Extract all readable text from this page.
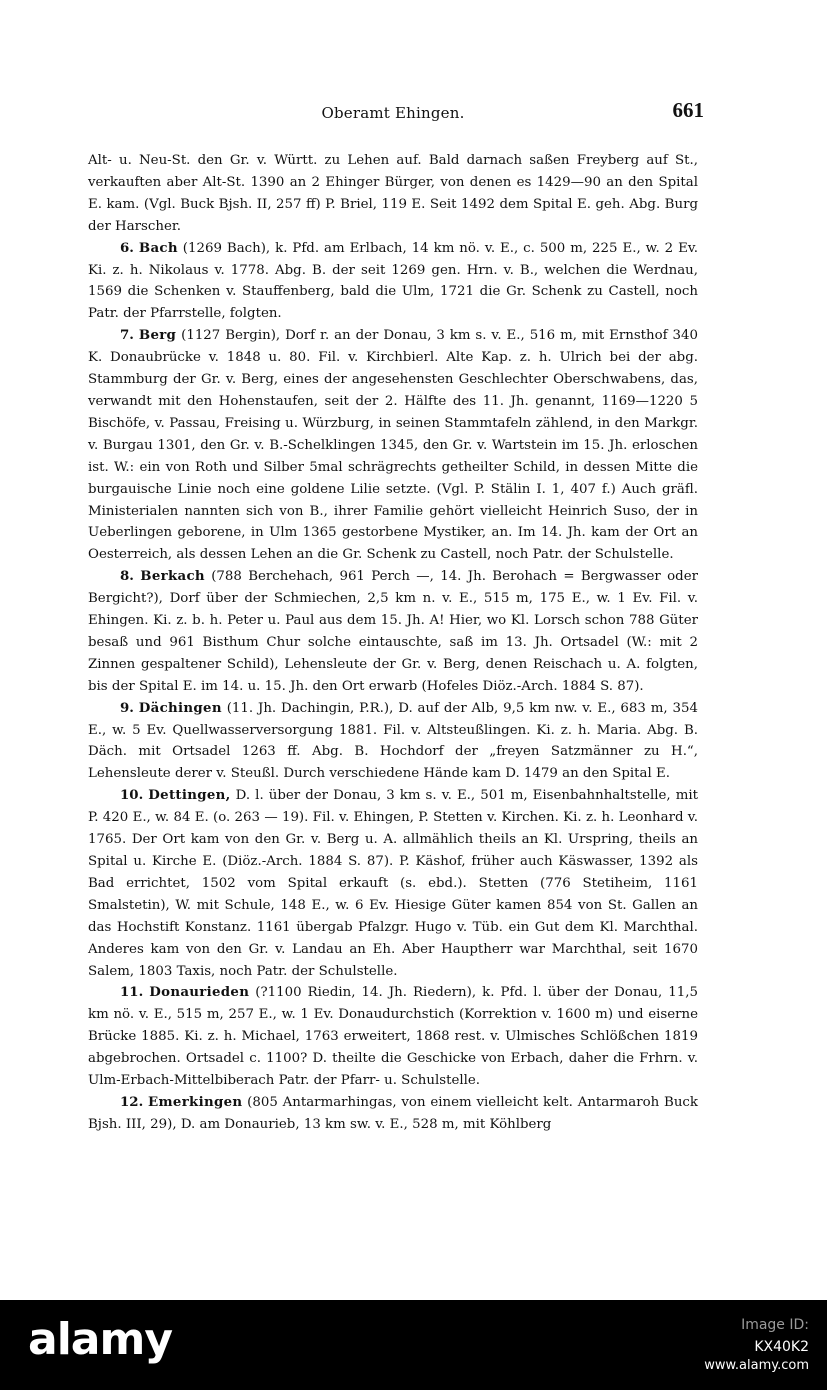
Oberamt Ehingen.	661

Alt- u. Neu-St. den Gr. v. Württ. zu Lehen auf. Bald darnach saßen Freyberg auf St., verkauften aber Alt-St. 1390 an 2 Ehinger Bürger, von denen es 1429—90 an den Spital E. kam. (Vgl. Buck Bjsh. II, 257 ff) P. Briel, 119 E. Seit 1492 dem Spital E. geh. Abg. Burg der Harscher.

6. Bach (1269 Bach), k. Pfd. am Erlbach, 14 km nö. v. E., c. 500 m, 225 E., w. 2 Ev. Ki. z. h. Nikolaus v. 1778. Abg. B. der seit 1269 gen. Hrn. v. B., welchen die Werdnau, 1569 die Schenken v. Stauffenberg, bald die Ulm, 1721 die Gr. Schenk zu Castell, noch Patr. der Pfarrstelle, folgten.

7. Berg (1127 Bergin), Dorf r. an der Donau, 3 km s. v. E., 516 m, mit Ernsthof 340 K. Donaubrücke v. 1848 u. 80. Fil. v. Kirchbierl. Alte Kap. z. h. Ulrich bei der abg. Stammburg der Gr. v. Berg, eines der angesehensten Geschlechter Oberschwabens, das, verwandt mit den Hohenstaufen, seit der 2. Hälfte des 11. Jh. genannt, 1169—1220 5 Bischöfe, v. Passau, Freising u. Würzburg, in seinen Stammtafeln zählend, in den Markgr. v. Burgau 1301, den Gr. v. B.-Schelklingen 1345, den Gr. v. Wartstein im 15. Jh. erloschen ist. W.: ein von Roth und Silber 5mal schrägrechts getheilter Schild, in dessen Mitte die burgauische Linie noch eine goldene Lilie setzte. (Vgl. P. Stälin I. 1, 407 f.) Auch gräfl. Ministerialen nannten sich von B., ihrer Familie gehört vielleicht Heinrich Suso, der in Ueberlingen geborene, in Ulm 1365 gestorbene Mystiker, an. Im 14. Jh. kam der Ort an Oesterreich, als dessen Lehen an die Gr. Schenk zu Castell, noch Patr. der Schulstelle.

8. Berkach (788 Berchehach, 961 Perch —, 14. Jh. Berohach = Bergwasser oder Bergicht?), Dorf über der Schmiechen, 2,5 km n. v. E., 515 m, 175 E., w. 1 Ev. Fil. v. Ehingen. Ki. z. b. h. Peter u. Paul aus dem 15. Jh. A! Hier, wo Kl. Lorsch schon 788 Güter besaß und 961 Bisthum Chur solche eintauschte, saß im 13. Jh. Ortsadel (W.: mit 2 Zinnen gespaltener Schild), Lehensleute der Gr. v. Berg, denen Reischach u. A. folgten, bis der Spital E. im 14. u. 15. Jh. den Ort erwarb (Hofeles Diöz.-Arch. 1884 S. 87).

9. Dächingen (11. Jh. Dachingin, P.R.), D. auf der Alb, 9,5 km nw. v. E., 683 m, 354 E., w. 5 Ev. Quellwasserversorgung 1881. Fil. v. Altsteußlingen. Ki. z. h. Maria. Abg. B. Däch. mit Ortsadel 1263 ff. Abg. B. Hochdorf der „freyen Satzmänner zu H.“, Lehensleute derer v. Steußl. Durch verschiedene Hände kam D. 1479 an den Spital E.

10. Dettingen, D. l. über der Donau, 3 km s. v. E., 501 m, Eisenbahnhaltstelle, mit P. 420 E., w. 84 E. (o. 263 — 19). Fil. v. Ehingen, P. Stetten v. Kirchen. Ki. z. h. Leonhard v. 1765. Der Ort kam von den Gr. v. Berg u. A. allmählich theils an Kl. Urspring, theils an Spital u. Kirche E. (Diöz.-Arch. 1884 S. 87). P. Käshof, früher auch Käswasser, 1392 als Bad errichtet, 1502 vom Spital erkauft (s. ebd.). Stetten (776 Stetiheim, 1161 Smalstetin), W. mit Schule, 148 E., w. 6 Ev. Hiesige Güter kamen 854 von St. Gallen an das Hochstift Konstanz. 1161 übergab Pfalzgr. Hugo v. Tüb. ein Gut dem Kl. Marchthal. Anderes kam von den Gr. v. Landau an Eh. Aber Hauptherr war Marchthal, seit 1670 Salem, 1803 Taxis, noch Patr. der Schulstelle.

11. Donaurieden (?1100 Riedin, 14. Jh. Riedern), k. Pfd. l. über der Donau, 11,5 km nö. v. E., 515 m, 257 E., w. 1 Ev. Donaudurchstich (Korrektion v. 1600 m) und eiserne Brücke 1885. Ki. z. h. Michael, 1763 erweitert, 1868 rest. v. Ulmisches Schlößchen 1819 abgebrochen. Ortsadel c. 1100? D. theilte die Geschicke von Erbach, daher die Frhrn. v. Ulm-Erbach-Mittelbiberach Patr. der Pfarr- u. Schulstelle.

12. Emerkingen (805 Antarmarhingas, von einem vielleicht kelt. Antarmaroh Buck Bjsh. III, 29), D. am Donaurieb, 13 km sw. v. E., 528 m, mit Köhlberg

alamy	Image ID:
KX40K2
www.alamy.com
